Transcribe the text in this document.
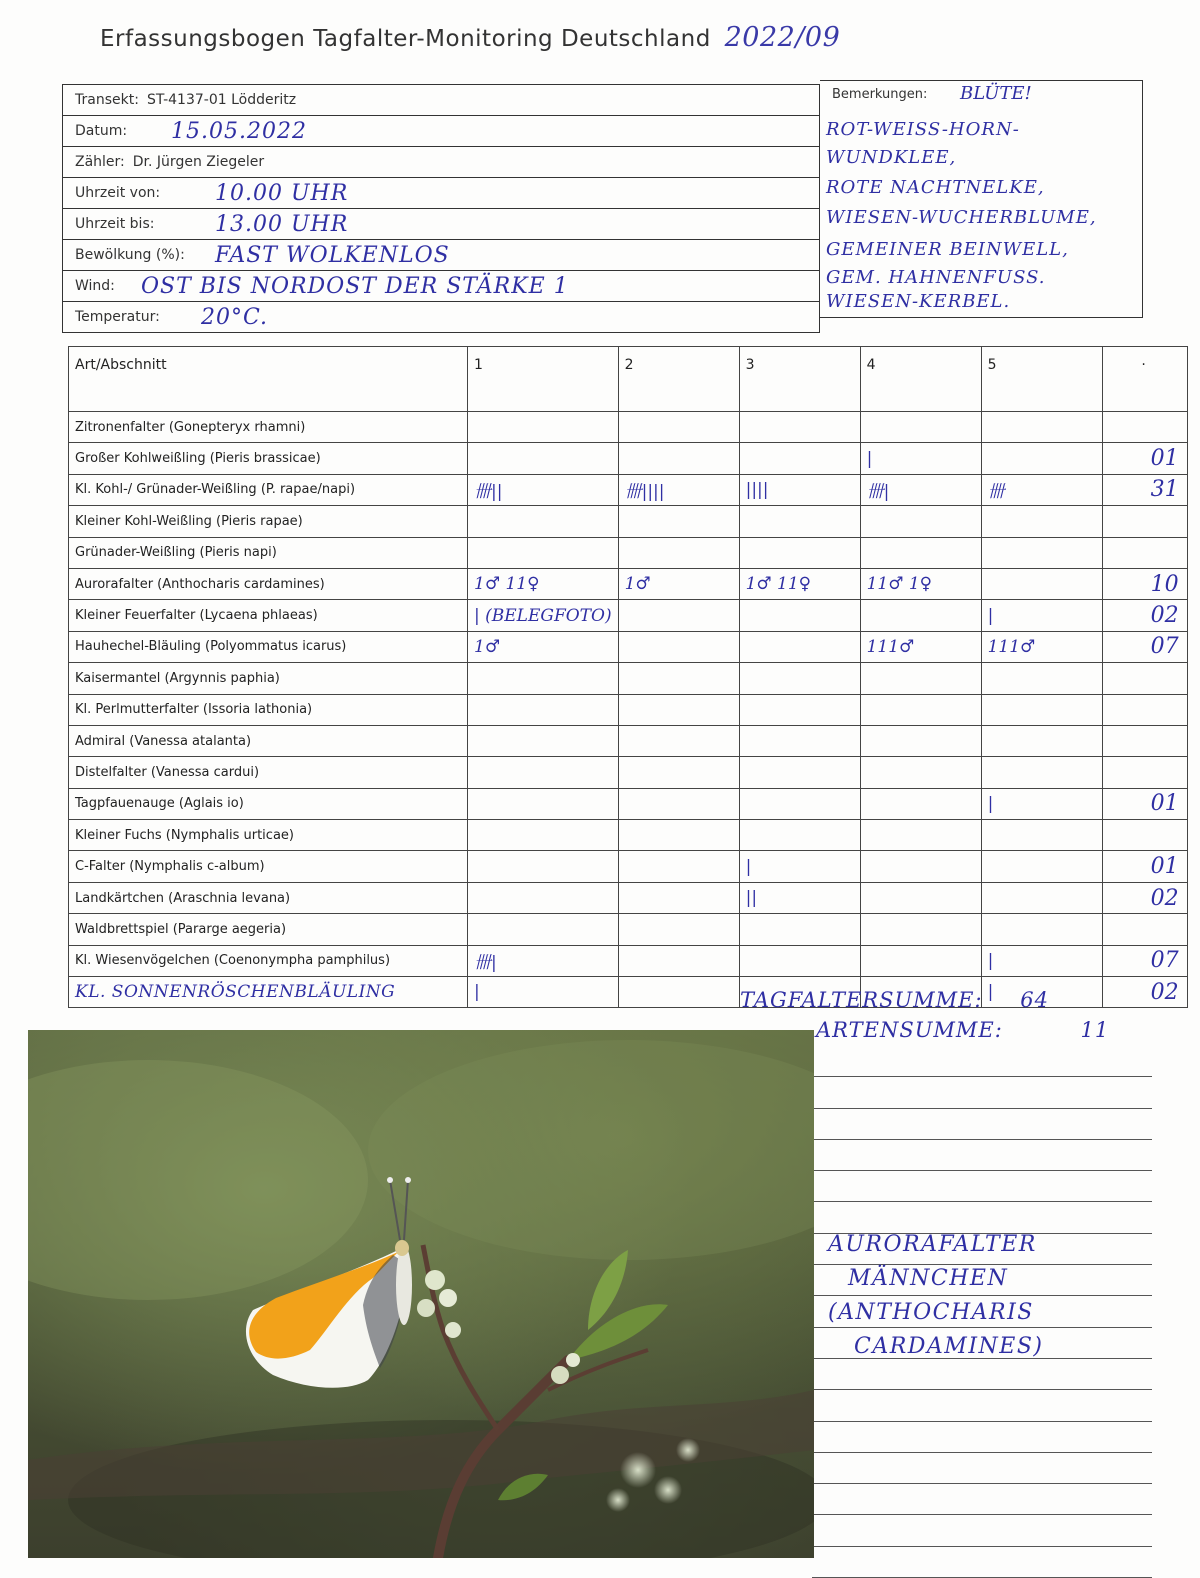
Erfassungsbogen Tagfalter-Monitoring Deutschland 2022/09
Transekt: ST-4137-01 Lödderitz
Datum:	15.05.2022
Zähler: Dr. Jürgen Ziegeler
Uhrzeit von:	10.00 UHR
Uhrzeit bis:	13.00 UHR
Bewölkung (%):	FAST WOLKENLOS
Wind:	OST BIS NORDOST DER STÄRKE 1
Temperatur:	20°C.
Bemerkungen: BLÜTE!
ROT-WEISS-HORN-
WUNDKLEE,
ROTE NACHTNELKE,
WIESEN-WUCHERBLUME,
GEMEINER BEINWELL,
GEM. HAHNENFUSS.
WIESEN-KERBEL.
Art/Abschnitt	1	2	3	4	5	·
Zitronenfalter (Gonepteryx rhamni)						
Großer Kohlweißling (Pieris brassicae)				|		01
Kl. Kohl-/ Grünader-Weißling (P. rapae/napi)	卌||	卌||||	||||	卌|	卌	31
Kleiner Kohl-Weißling (Pieris rapae)						
Grünader-Weißling (Pieris napi)						
Aurorafalter (Anthocharis cardamines)	1♂ 11♀	1♂	1♂ 11♀	11♂ 1♀		10
Kleiner Feuerfalter (Lycaena phlaeas)	| (BELEGFOTO)				|	02
Hauhechel-Bläuling (Polyommatus icarus)	1♂			111♂	111♂	07
Kaisermantel (Argynnis paphia)						
Kl. Perlmutterfalter (Issoria lathonia)						
Admiral (Vanessa atalanta)						
Distelfalter (Vanessa cardui)						
Tagpfauenauge (Aglais io)					|	01
Kleiner Fuchs (Nymphalis urticae)						
C-Falter (Nymphalis c-album)			|			01
Landkärtchen (Araschnia levana)			||			02
Waldbrettspiel (Pararge aegeria)						
Kl. Wiesenvögelchen (Coenonympha pamphilus)	卌|				|	07
KL. SONNENRÖSCHENBLÄULING	|				|	02
TAGFALTERSUMME: 64
ARTENSUMME:	11
AURORAFALTER
MÄNNCHEN
(ANTHOCHARIS
CARDAMINES)
